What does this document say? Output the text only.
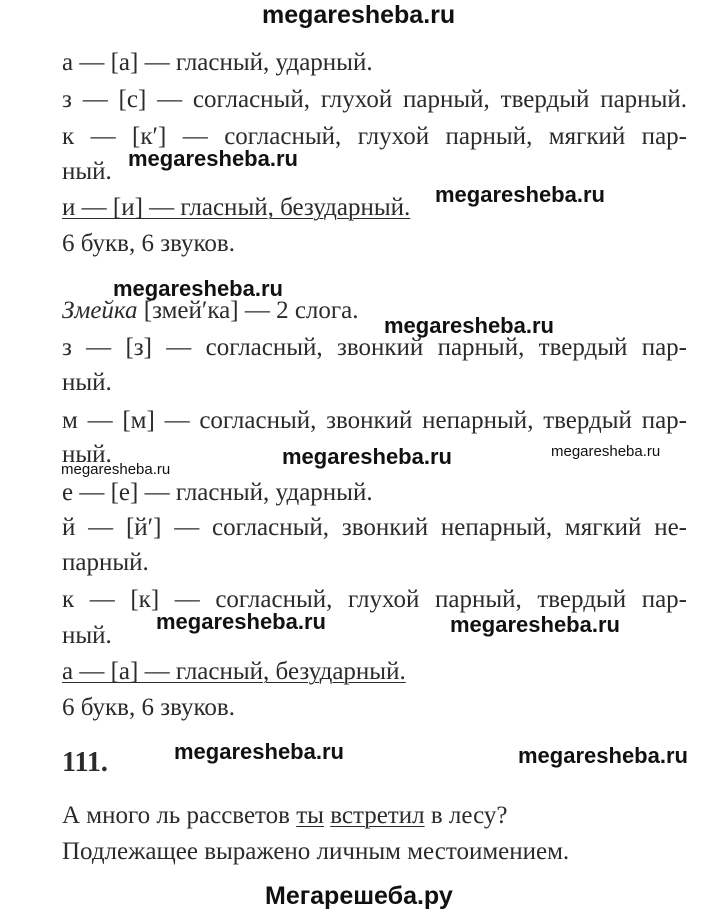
megaresheba.ru
а — [а] — гласный, ударный.
з — [с] — согласный, глухой парный, твердый парный.
к — [к′] — согласный, глухой парный, мягкий пар-
ный.
и — [и] — гласный, безударный.
6 букв, 6 звуков.
Змейка [змей′ка] — 2 слога.
з — [з] — согласный, звонкий парный, твердый пар-
ный.
м — [м] — согласный, звонкий непарный, твердый пар-
ный.
е — [е] — гласный, ударный.
й — [й′] — согласный, звонкий непарный, мягкий не-
парный.
к — [к] — согласный, глухой парный, твердый пар-
ный.
а — [а] — гласный, безударный.
6 букв, 6 звуков.
111.
А много ль рассветов ты встретил в лесу?
Подлежащее выражено личным местоимением.
megaresheba.ru
megaresheba.ru
megaresheba.ru
megaresheba.ru
megaresheba.ru	megaresheba.ru
megaresheba.ru
megaresheba.ru	megaresheba.ru
megaresheba.ru	megaresheba.ru
Мегарешеба.ру
